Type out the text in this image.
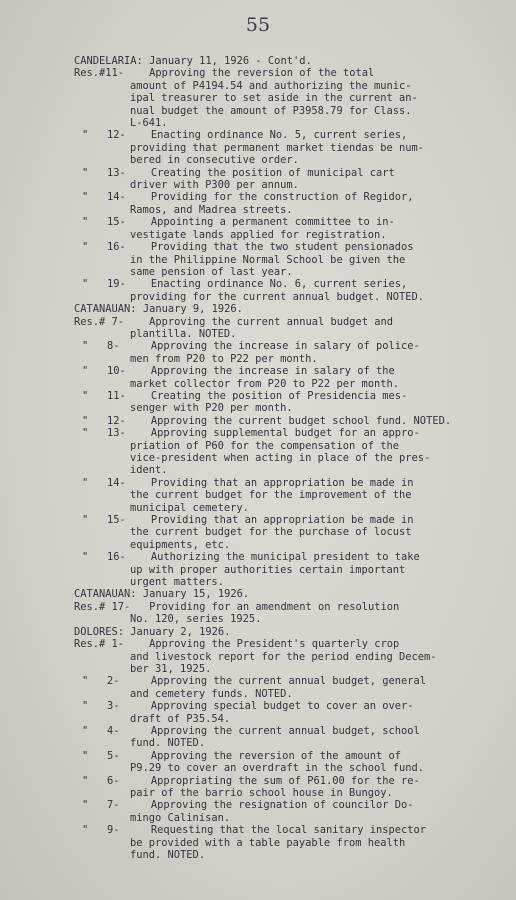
55
CANDELARIA: January 11, 1926 - Cont'd.
Res.#11-    Approving the reversion of the total
amount of P4194.54 and authorizing the munic-
ipal treasurer to set aside in the current an-
nual budget the amount of P3958.79 for Class.
L-641.
"   12-    Enacting ordinance No. 5, current series,
providing that permanent market tiendas be num-
bered in consecutive order.
"   13-    Creating the position of municipal cart
driver with P300 per annum.
"   14-    Providing for the construction of Regidor,
Ramos, and Madrea streets.
"   15-    Appointing a permanent committee to in-
vestigate lands applied for registration.
"   16-    Providing that the two student pensionados
in the Philippine Normal School be given the
same pension of last year.
"   19-    Enacting ordinance No. 6, current series,
providing for the current annual budget. NOTED.
CATANAUAN: January 9, 1926.
Res.# 7-    Approving the current annual budget and
plantilla. NOTED.
"   8-     Approving the increase in salary of police-
men from P20 to P22 per month.
"   10-    Approving the increase in salary of the
market collector from P20 to P22 per month.
"   11-    Creating the position of Presidencia mes-
senger with P20 per month.
"   12-    Approving the current budget school fund. NOTED.
"   13-    Approving supplemental budget for an appro-
priation of P60 for the compensation of the
vice-president when acting in place of the pres-
ident.
"   14-    Providing that an appropriation be made in
the current budget for the improvement of the
municipal cemetery.
"   15-    Providing that an appropriation be made in
the current budget for the purchase of locust
equipments, etc.
"   16-    Authorizing the municipal president to take
up with proper authorities certain important
urgent matters.
CATANAUAN: January 15, 1926.
Res.# 17-   Providing for an amendment on resolution
No. 120, series 1925.
DOLORES: January 2, 1926.
Res.# 1-    Approving the President's quarterly crop
and livestock report for the period ending Decem-
ber 31, 1925.
"   2-     Approving the current annual budget, general
and cemetery funds. NOTED.
"   3-     Approving special budget to cover an over-
draft of P35.54.
"   4-     Approving the current annual budget, school
fund. NOTED.
"   5-     Approving the reversion of the amount of
P9.29 to cover an overdraft in the school fund.
"   6-     Appropriating the sum of P61.00 for the re-
pair of the barrio school house in Bungoy.
"   7-     Approving the resignation of councilor Do-
mingo Calinisan.
"   9-     Requesting that the local sanitary inspector
be provided with a table payable from health
fund. NOTED.
